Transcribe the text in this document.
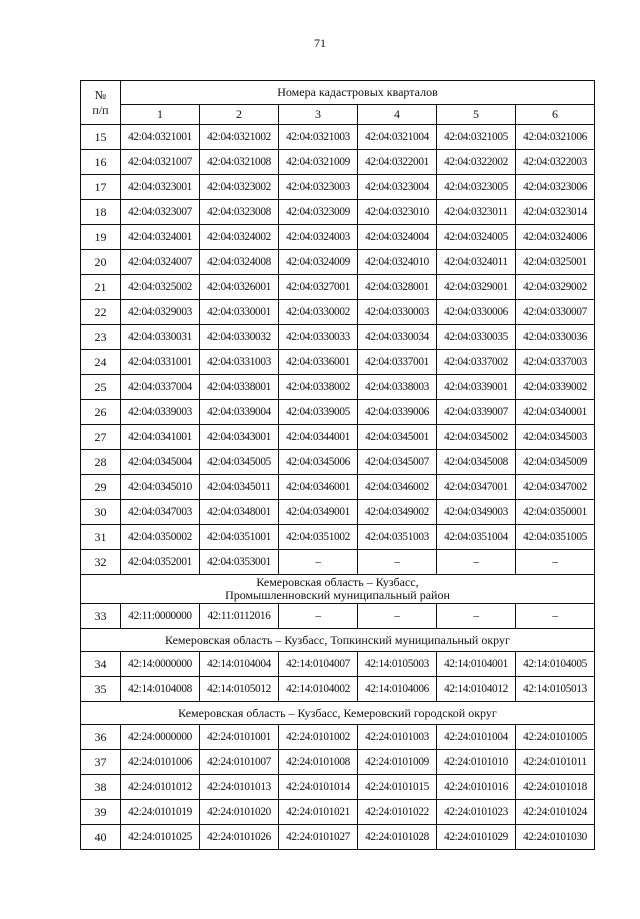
71
№
п/п	Номера кадастровых кварталов					
	1	2	3	4	5	6
15	42:04:0321001	42:04:0321002	42:04:0321003	42:04:0321004	42:04:0321005	42:04:0321006
16	42:04:0321007	42:04:0321008	42:04:0321009	42:04:0322001	42:04:0322002	42:04:0322003
17	42:04:0323001	42:04:0323002	42:04:0323003	42:04:0323004	42:04:0323005	42:04:0323006
18	42:04:0323007	42:04:0323008	42:04:0323009	42:04:0323010	42:04:0323011	42:04:0323014
19	42:04:0324001	42:04:0324002	42:04:0324003	42:04:0324004	42:04:0324005	42:04:0324006
20	42:04:0324007	42:04:0324008	42:04:0324009	42:04:0324010	42:04:0324011	42:04:0325001
21	42:04:0325002	42:04:0326001	42:04:0327001	42:04:0328001	42:04:0329001	42:04:0329002
22	42:04:0329003	42:04:0330001	42:04:0330002	42:04:0330003	42:04:0330006	42:04:0330007
23	42:04:0330031	42:04:0330032	42:04:0330033	42:04:0330034	42:04:0330035	42:04:0330036
24	42:04:0331001	42:04:0331003	42:04:0336001	42:04:0337001	42:04:0337002	42:04:0337003
25	42:04:0337004	42:04:0338001	42:04:0338002	42:04:0338003	42:04:0339001	42:04:0339002
26	42:04:0339003	42:04:0339004	42:04:0339005	42:04:0339006	42:04:0339007	42:04:0340001
27	42:04:0341001	42:04:0343001	42:04:0344001	42:04:0345001	42:04:0345002	42:04:0345003
28	42:04:0345004	42:04:0345005	42:04:0345006	42:04:0345007	42:04:0345008	42:04:0345009
29	42:04:0345010	42:04:0345011	42:04:0346001	42:04:0346002	42:04:0347001	42:04:0347002
30	42:04:0347003	42:04:0348001	42:04:0349001	42:04:0349002	42:04:0349003	42:04:0350001
31	42:04:0350002	42:04:0351001	42:04:0351002	42:04:0351003	42:04:0351004	42:04:0351005
32	42:04:0352001	42:04:0353001	–	–	–	–

Кемеровская область – Кузбасс,
Промышленновский муниципальный район						

33	42:11:0000000	42:11:0112016	–	–	–	–

Кемеровская область – Кузбасс, Топкинский муниципальный округ						

34	42:14:0000000	42:14:0104004	42:14:0104007	42:14:0105003	42:14:0104001	42:14:0104005
35	42:14:0104008	42:14:0105012	42:14:0104002	42:14:0104006	42:14:0104012	42:14:0105013

Кемеровская область – Кузбасс, Кемеровский городской округ						

36	42:24:0000000	42:24:0101001	42:24:0101002	42:24:0101003	42:24:0101004	42:24:0101005
37	42:24:0101006	42:24:0101007	42:24:0101008	42:24:0101009	42:24:0101010	42:24:0101011
38	42:24:0101012	42:24:0101013	42:24:0101014	42:24:0101015	42:24:0101016	42:24:0101018
39	42:24:0101019	42:24:0101020	42:24:0101021	42:24:0101022	42:24:0101023	42:24:0101024
40	42:24:0101025	42:24:0101026	42:24:0101027	42:24:0101028	42:24:0101029	42:24:0101030
